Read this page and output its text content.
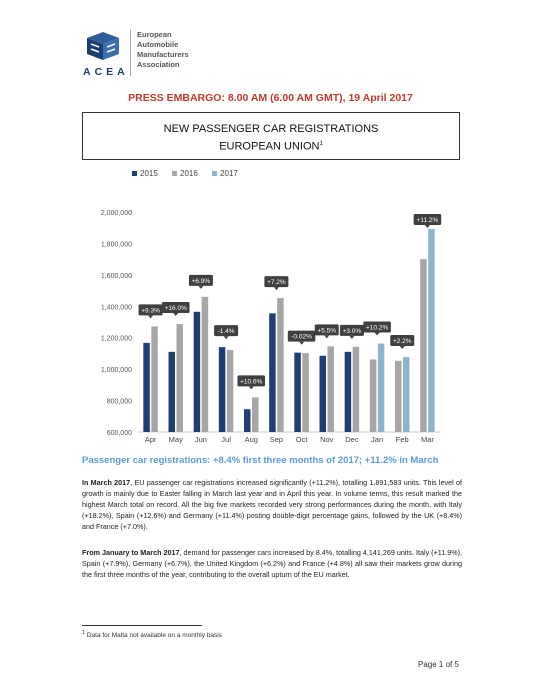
ACEA
European
Automobile
Manufacturers
Association
PRESS EMBARGO: 8.00 AM (6.00 AM GMT), 19 April 2017
NEW PASSENGER CAR REGISTRATIONS
EUROPEAN UNION$^1$
2015	2016	2017
600,000
800,000
1,000,000
1,200,000
1,400,000
1,600,000
1,800,000
2,000,000
Apr
+9.3%
May
+16.0%
Jun
+6.9%
Jul
-1.4%
Aug
+10.6%
Sep
+7.2%
Oct
-0.02%
Nov
+5.5%
Dec
+3.0%
Jan
+10.2%
Feb
+2.2%
Mar
+11.2%
Passenger car registrations: +8.4% first three months of 2017; +11.2% in March
In March 2017, EU passenger car registrations increased significantly (+11.2%), totalling 1,891,583 units. This level of growth is mainly due to Easter falling in March last year and in April this year. In volume terms, this result marked the highest March total on record. All the big five markets recorded very strong performances during the month, with Italy (+18.2%), Spain (+12.6%) and Germany (+11.4%) posting double-digit percentage gains, followed by the UK (+8.4%) and France (+7.0%).
From January to March 2017, demand for passenger cars increased by 8.4%, totalling 4,141,269 units. Italy (+11.9%), Spain (+7.9%), Germany (+6.7%), the United Kingdom (+6.2%) and France (+4.8%) all saw their markets grow during the first three months of the year, contributing to the overall upturn of the EU market.
$^1$ Data for Malta not available on a monthly basis
Page 1 of 5
